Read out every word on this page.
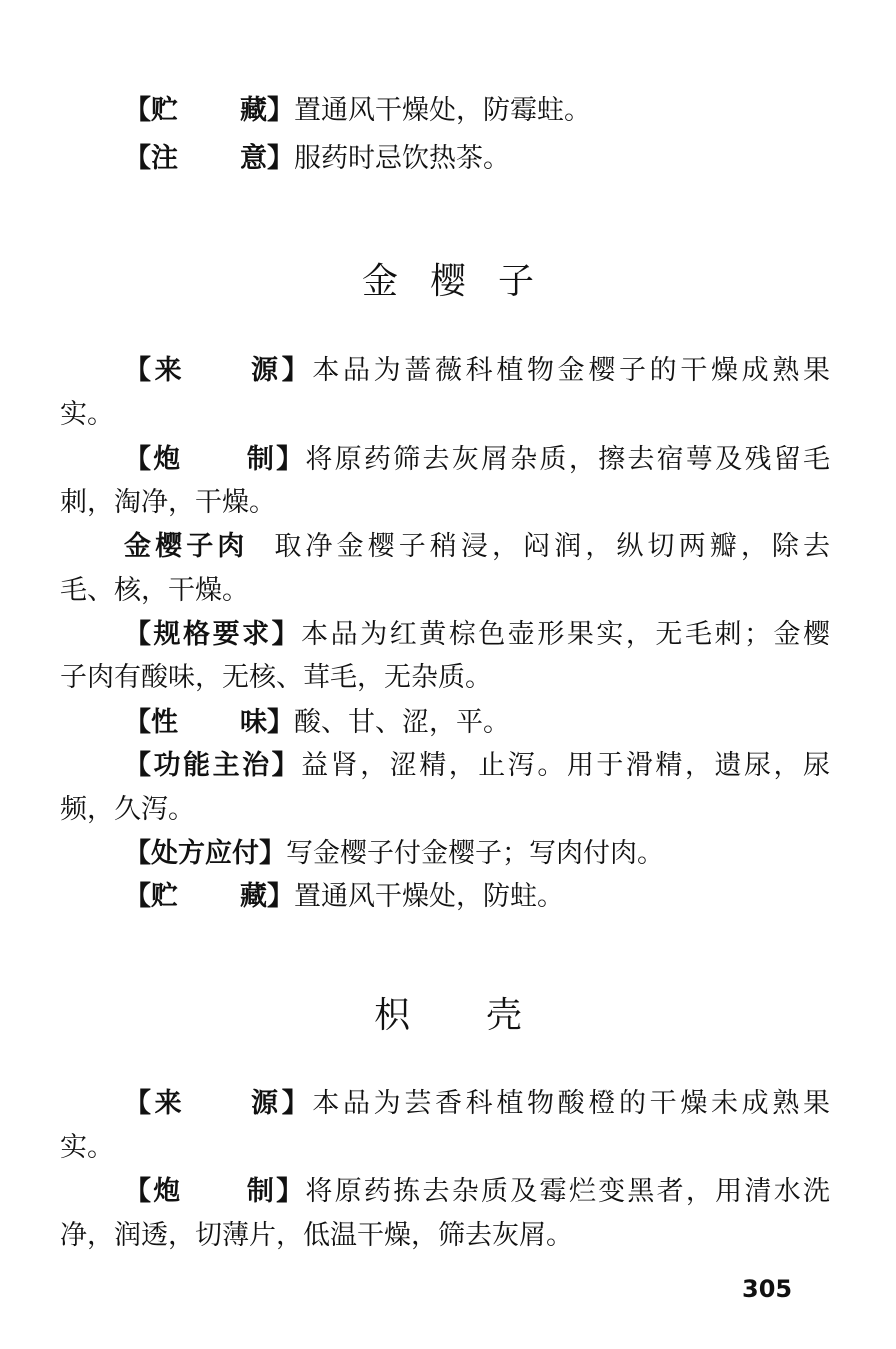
【贮 藏】置通风干燥处，防霉蛀。
【注 意】服药时忌饮热茶。
金 樱 子
【来 源】本品为蔷薇科植物金樱子的干燥成熟果
实。
【炮 制】将原药筛去灰屑杂质，擦去宿萼及残留毛
刺，淘净，干燥。
金樱子肉 取净金樱子稍浸，闷润，纵切两瓣，除去
毛、核，干燥。
【规格要求】本品为红黄棕色壶形果实，无毛刺；金樱
子肉有酸味，无核、茸毛，无杂质。
【性 味】酸、甘、涩，平。
【功能主治】益肾，涩精，止泻。用于滑精，遗尿，尿
频，久泻。
【处方应付】写金樱子付金樱子；写肉付肉。
【贮 藏】置通风干燥处，防蛀。
枳 壳
【来 源】本品为芸香科植物酸橙的干燥未成熟果
实。
【炮 制】将原药拣去杂质及霉烂变黑者，用清水洗
净，润透，切薄片，低温干燥，筛去灰屑。
305
